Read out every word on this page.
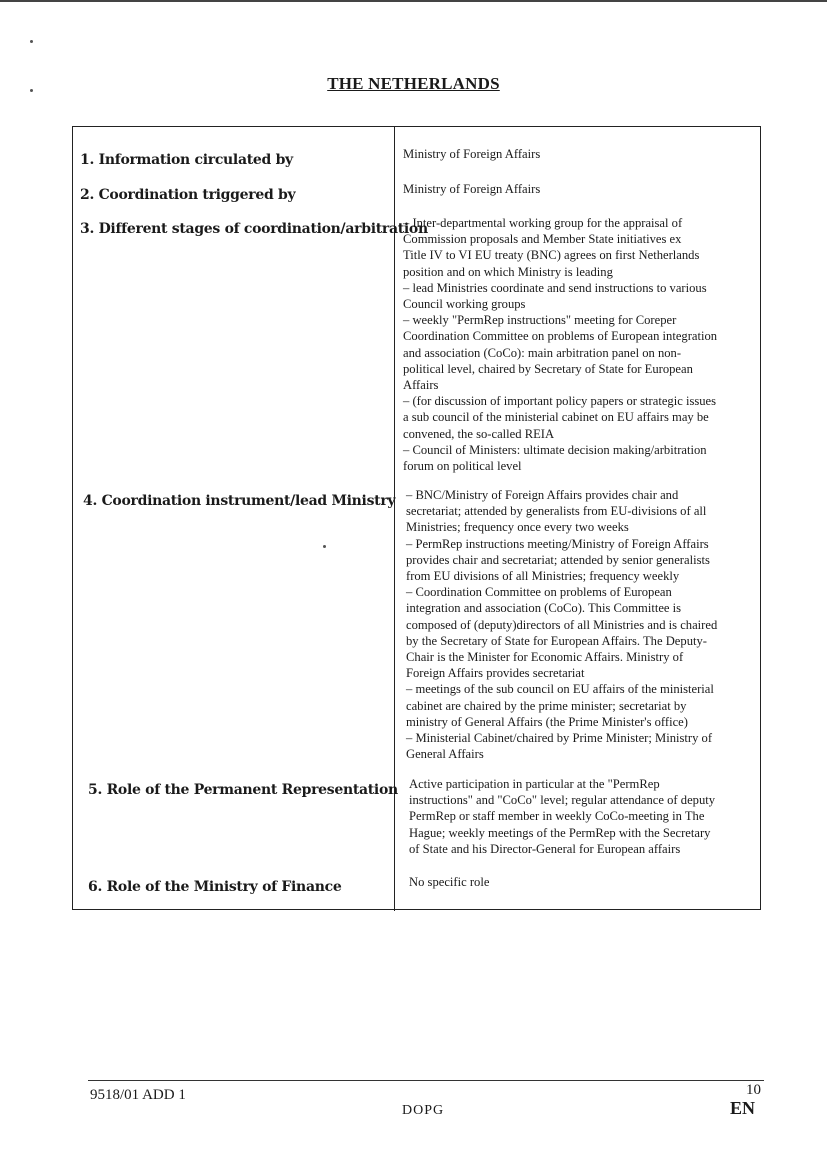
THE NETHERLANDS
1. Information circulated by
2. Coordination triggered by
3. Different stages of coordination/arbitration
4. Coordination instrument/lead Ministry
5. Role of the Permanent Representation
6. Role of the Ministry of Finance
Ministry of Foreign Affairs
Ministry of Foreign Affairs
– Inter-departmental working group for the appraisal of
Commission proposals and Member State initiatives ex
Title IV to VI EU treaty (BNC) agrees on first Netherlands
position and on which Ministry is leading
– lead Ministries coordinate and send instructions to various
Council working groups
– weekly "PermRep instructions" meeting for Coreper
Coordination Committee on problems of European integration
and association (CoCo): main arbitration panel on non-
political level, chaired by Secretary of State for European
Affairs
– (for discussion of important policy papers or strategic issues
a sub council of the ministerial cabinet on EU affairs may be
convened, the so-called REIA
– Council of Ministers: ultimate decision making/arbitration
forum on political level
– BNC/Ministry of Foreign Affairs provides chair and
secretariat; attended by generalists from EU-divisions of all
Ministries; frequency once every two weeks
– PermRep instructions meeting/Ministry of Foreign Affairs
provides chair and secretariat; attended by senior generalists
from EU divisions of all Ministries; frequency weekly
– Coordination Committee on problems of European
integration and association (CoCo). This Committee is
composed of (deputy)directors of all Ministries and is chaired
by the Secretary of State for European Affairs. The Deputy-
Chair is the Minister for Economic Affairs. Ministry of
Foreign Affairs provides secretariat
– meetings of the sub council on EU affairs of the ministerial
cabinet are chaired by the prime minister; secretariat by
ministry of General Affairs (the Prime Minister's office)
– Ministerial Cabinet/chaired by Prime Minister; Ministry of
General Affairs
Active participation in particular at the "PermRep
instructions" and "CoCo" level; regular attendance of deputy
PermRep or staff member in weekly CoCo-meeting in The
Hague; weekly meetings of the PermRep with the Secretary
of State and his Director-General for European affairs
No specific role
9518/01 ADD 1	10
DOPG	EN
